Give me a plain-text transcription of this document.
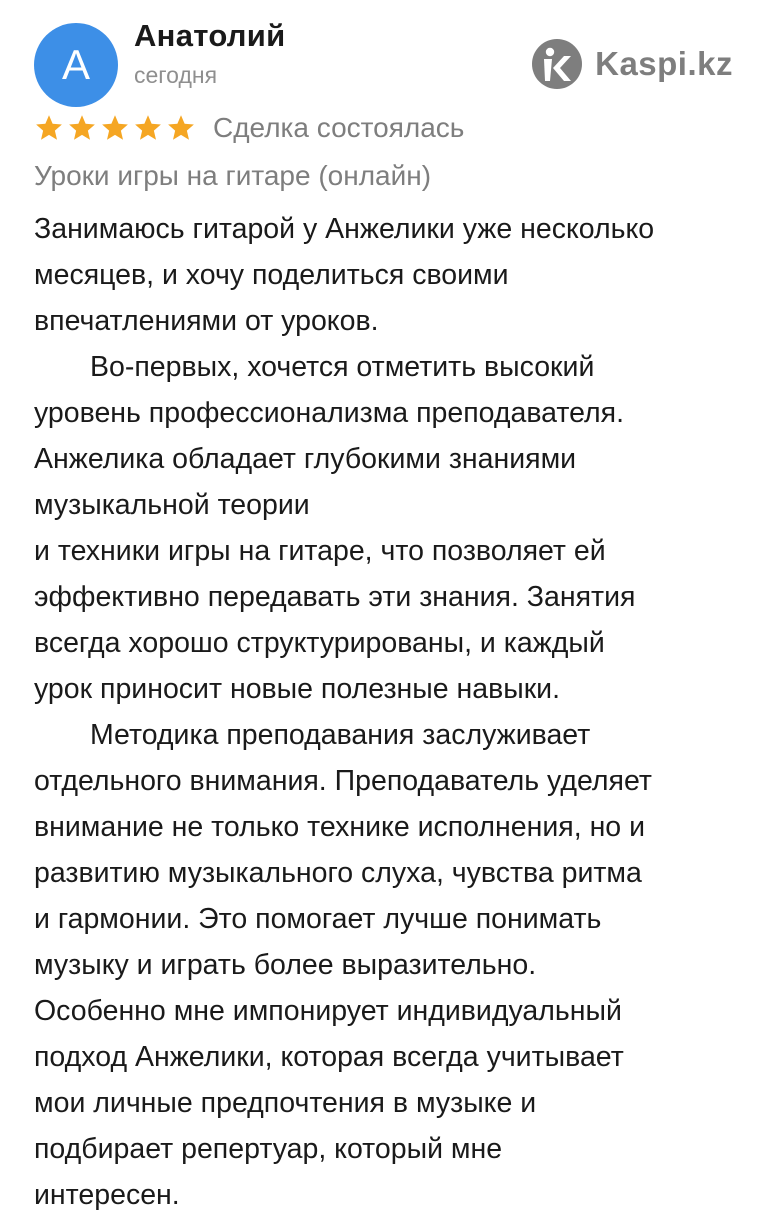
А
Анатолий
сегодня	Kaspi.kz
Сделка состоялась
Уроки игры на гитаре (онлайн)

Занимаюсь гитарой у Анжелики уже несколько

месяцев, и хочу поделиться своими

впечатлениями от уроков.

Во-первых, хочется отметить высокий

уровень профессионализма преподавателя.

Анжелика обладает глубокими знаниями

музыкальной теории

и техники игры на гитаре, что позволяет ей

эффективно передавать эти знания. Занятия

всегда хорошо структурированы, и каждый

урок приносит новые полезные навыки.

Методика преподавания заслуживает

отдельного внимания. Преподаватель уделяет

внимание не только технике исполнения, но и

развитию музыкального слуха, чувства ритма

и гармонии. Это помогает лучше понимать

музыку и играть более выразительно.

Особенно мне импонирует индивидуальный

подход Анжелики, которая всегда учитывает

мои личные предпочтения в музыке и

подбирает репертуар, который мне

интересен.
